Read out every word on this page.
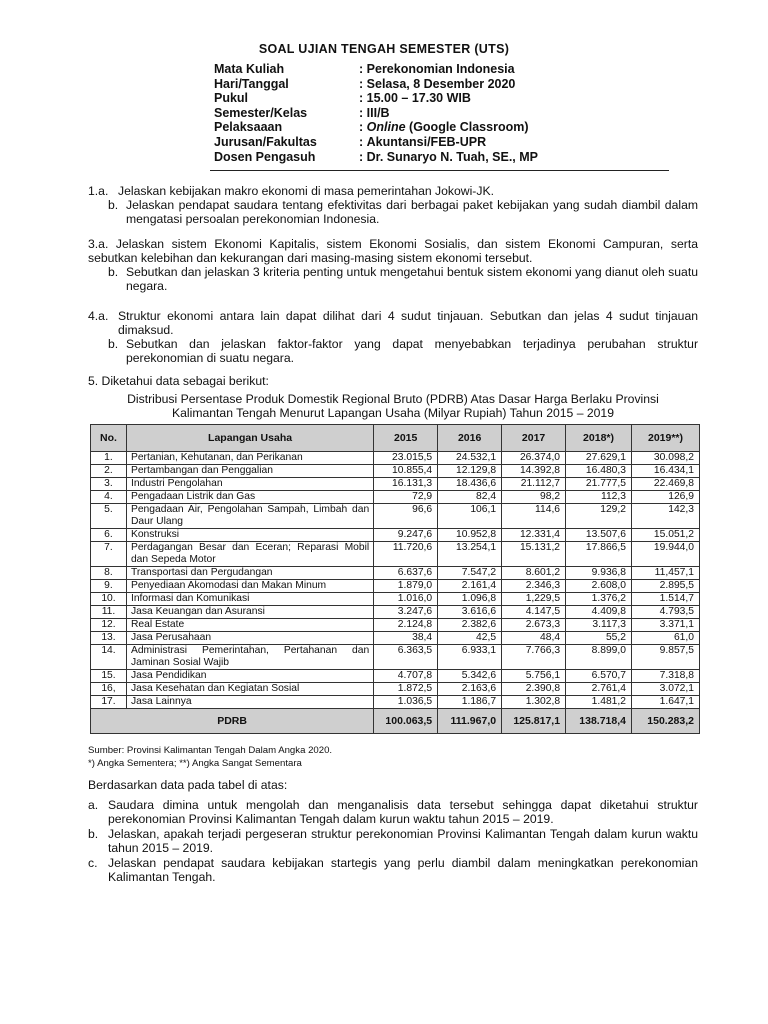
SOAL UJIAN TENGAH SEMESTER (UTS)
Mata Kuliah	:
Perekonomian Indonesia
Hari/Tanggal	:
Selasa, 8 Desember 2020
Pukul	:
15.00 – 17.30 WIB
Semester/Kelas	:
III/B
Pelaksaaan	:
Online (Google Classroom)
Jurusan/Fakultas	:
Akuntansi/FEB-UPR
Dosen Pengasuh	:
Dr. Sunaryo N. Tuah, SE., MP
1.a. Jelaskan kebijakan makro ekonomi di masa pemerintahan Jokowi-JK.
b. Jelaskan pendapat saudara tentang efektivitas dari berbagai paket kebijakan yang sudah diambil dalam mengatasi persoalan perekonomian Indonesia.
3.a. Jelaskan sistem Ekonomi Kapitalis, sistem Ekonomi Sosialis, dan sistem Ekonomi Campuran, serta sebutkan kelebihan dan kekurangan dari masing-masing sistem ekonomi tersebut.
b. Sebutkan dan jelaskan 3 kriteria penting untuk mengetahui bentuk sistem ekonomi yang dianut oleh suatu negara.
4.a. Struktur ekonomi antara lain dapat dilihat dari 4 sudut tinjauan. Sebutkan dan jelas 4 sudut tinjauan dimaksud.
b. Sebutkan dan jelaskan faktor-faktor yang dapat menyebabkan terjadinya perubahan struktur perekonomian di suatu negara.
5. Diketahui data sebagai berikut:
Distribusi Persentase Produk Domestik Regional Bruto (PDRB) Atas Dasar Harga Berlaku Provinsi
Kalimantan Tengah Menurut Lapangan Usaha (Milyar Rupiah) Tahun 2015 – 2019
No.	Lapangan Usaha	2015	2016	2017	2018*)	2019**)
1.	Pertanian, Kehutanan, dan Perikanan	23.015,5	24.532,1	26.374,0	27.629,1	30.098,2
2.	Pertambangan dan Penggalian	10.855,4	12.129,8	14.392,8	16.480,3	16.434,1
3.	Industri Pengolahan	16.131,3	18.436,6	21.112,7	21.777,5	22.469,8
4.	Pengadaan Listrik dan Gas	72,9	82,4	98,2	112,3	126,9
5.	Pengadaan Air, Pengolahan Sampah, Limbah dan Daur Ulang	96,6	106,1	114,6	129,2	142,3
6.	Konstruksi	9.247,6	10.952,8	12.331,4	13.507,6	15.051,2
7.	Perdagangan Besar dan Eceran; Reparasi Mobil dan Sepeda Motor	11.720,6	13.254,1	15.131,2	17.866,5	19.944,0
8.	Transportasi dan Pergudangan	6.637,6	7.547,2	8.601,2	9.936,8	11,457,1
9.	Penyediaan Akomodasi dan Makan Minum	1.879,0	2.161,4	2.346,3	2.608,0	2.895,5
10.	Informasi dan Komunikasi	1.016,0	1.096,8	1,229,5	1.376,2	1.514,7
11.	Jasa Keuangan dan Asuransi	3.247,6	3.616,6	4.147,5	4.409,8	4.793,5
12.	Real Estate	2.124,8	2.382,6	2.673,3	3.117,3	3.371,1
13.	Jasa Perusahaan	38,4	42,5	48,4	55,2	61,0
14.	Administrasi Pemerintahan, Pertahanan dan Jaminan Sosial Wajib	6.363,5	6.933,1	7.766,3	8.899,0	9.857,5
15.	Jasa Pendidikan	4.707,8	5.342,6	5.756,1	6.570,7	7.318,8
16,	Jasa Kesehatan dan Kegiatan Sosial	1.872,5	2.163,6	2.390,8	2.761,4	3.072,1
17.	Jasa Lainnya	1.036,5	1.186,7	1.302,8	1.481,2	1.647,1
PDRB		100.063,5	111.967,0	125.817,1	138.718,4	150.283,2
Sumber: Provinsi Kalimantan Tengah Dalam Angka 2020.
*) Angka Sementera; **) Angka Sangat Sementara
Berdasarkan data pada tabel di atas:
a. Saudara dimina untuk mengolah dan menganalisis data tersebut sehingga dapat diketahui struktur perekonomian Provinsi Kalimantan Tengah dalam kurun waktu tahun 2015 – 2019.
b. Jelaskan, apakah terjadi pergeseran struktur perekonomian Provinsi Kalimantan Tengah dalam kurun waktu tahun 2015 – 2019.
c. Jelaskan pendapat saudara kebijakan startegis yang perlu diambil dalam meningkatkan perekonomian Kalimantan Tengah.
